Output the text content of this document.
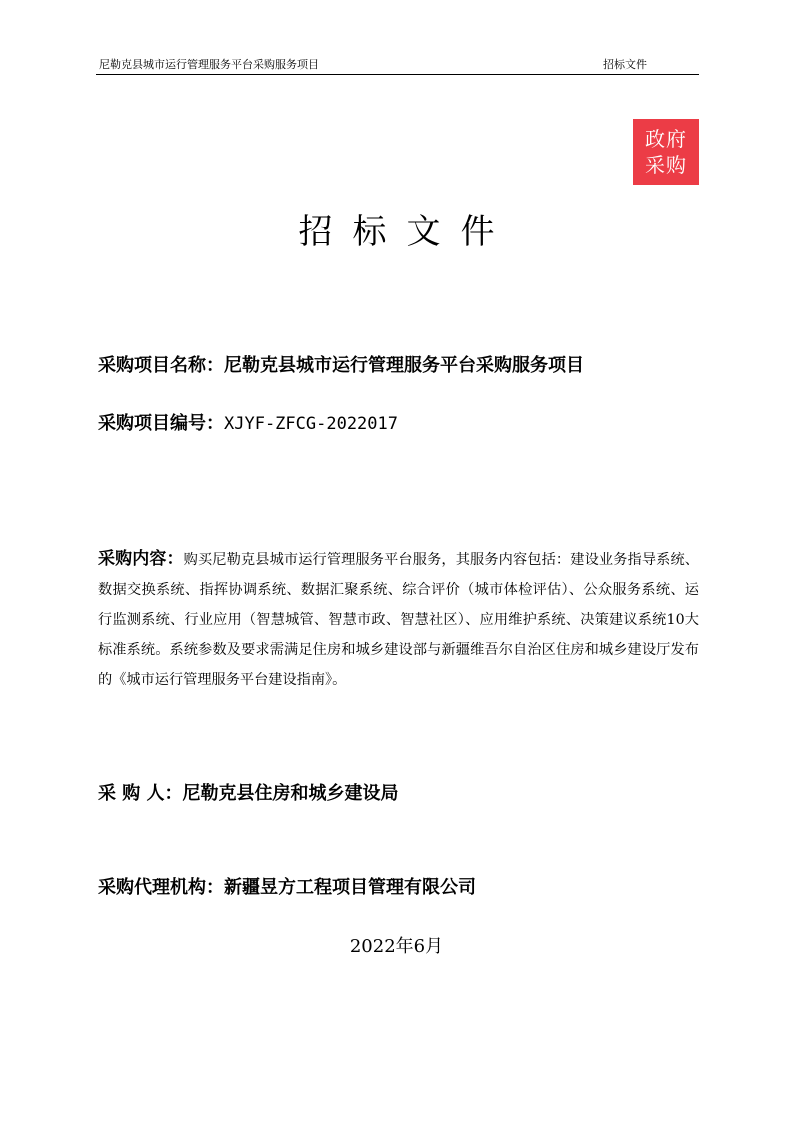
尼勒克县城市运行管理服务平台采购服务项目	招标文件
政府
采购
招标文件
采购项目名称：尼勒克县城市运行管理服务平台采购服务项目
采购项目编号：XJYF-ZFCG-2022017
采购内容：购买尼勒克县城市运行管理服务平台服务，其服务内容包括：建设业务指导系统、数据交换系统、指挥协调系统、数据汇聚系统、综合评价（城市体检评估）、公众服务系统、运行监测系统、行业应用（智慧城管、智慧市政、智慧社区）、应用维护系统、决策建议系统10大标准系统。系统参数及要求需满足住房和城乡建设部与新疆维吾尔自治区住房和城乡建设厅发布的《城市运行管理服务平台建设指南》。
采 购 人：尼勒克县住房和城乡建设局
采购代理机构：新疆昱方工程项目管理有限公司
2022年6月
